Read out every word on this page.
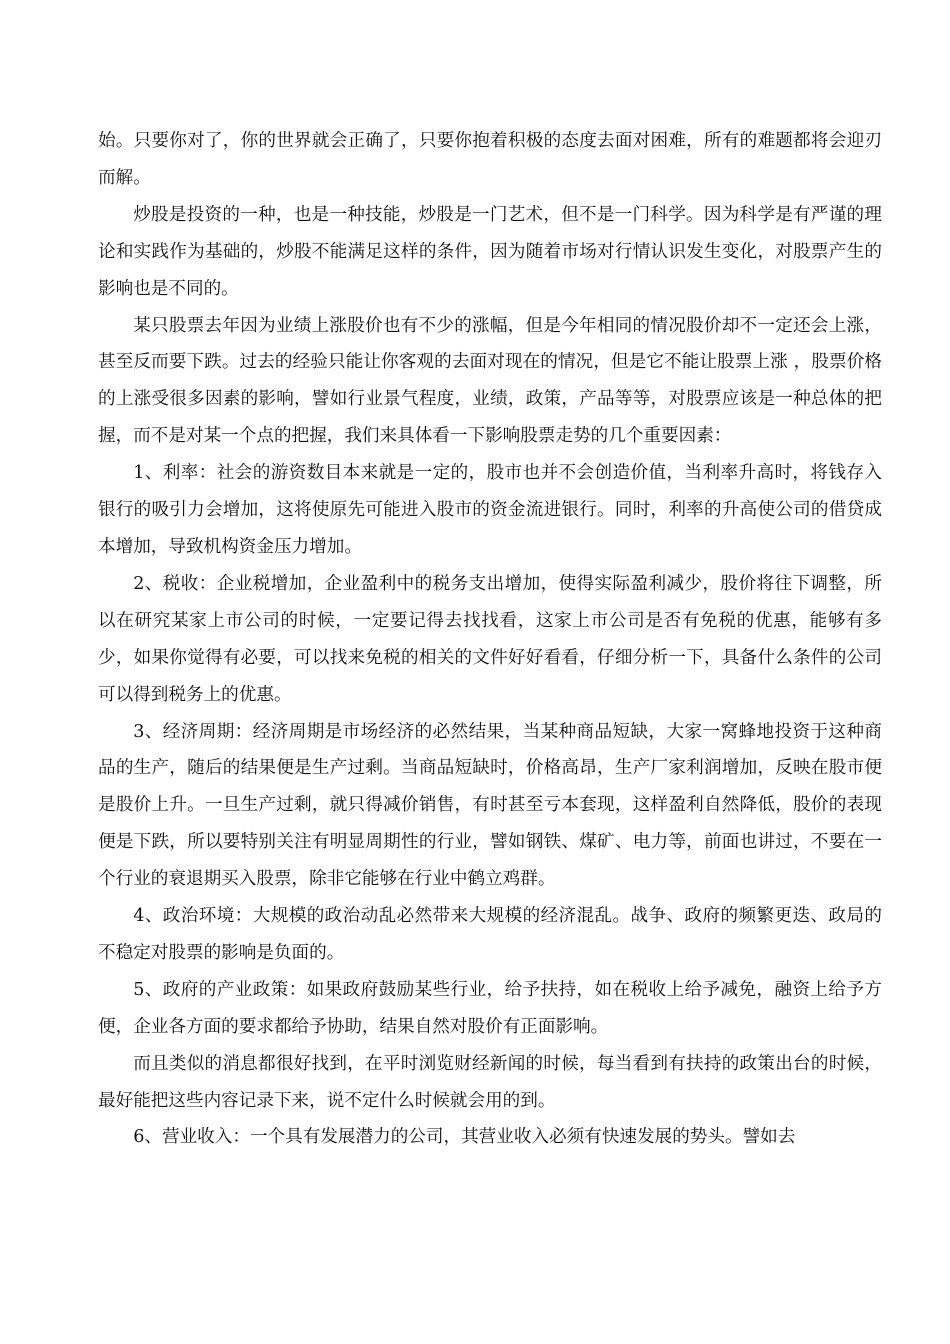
始。只要你对了，你的世界就会正确了，只要你抱着积极的态度去面对困难，所有的难题都将会迎刃而解。

炒股是投资的一种，也是一种技能，炒股是一门艺术，但不是一门科学。因为科学是有严谨的理论和实践作为基础的，炒股不能满足这样的条件，因为随着市场对行情认识发生变化，对股票产生的影响也是不同的。

某只股票去年因为业绩上涨股价也有不少的涨幅，但是今年相同的情况股价却不一定还会上涨，甚至反而要下跌。过去的经验只能让你客观的去面对现在的情况，但是它不能让股票上涨 ，股票价格的上涨受很多因素的影响，譬如行业景气程度，业绩，政策，产品等等，对股票应该是一种总体的把握，而不是对某一个点的把握，我们来具体看一下影响股票走势的几个重要因素：

1、利率：社会的游资数目本来就是一定的，股市也并不会创造价值，当利率升高时，将钱存入银行的吸引力会增加，这将使原先可能进入股市的资金流进银行。同时，利率的升高使公司的借贷成本增加，导致机构资金压力增加。

2、税收：企业税增加，企业盈利中的税务支出增加，使得实际盈利减少，股价将往下调整，所以在研究某家上市公司的时候，一定要记得去找找看，这家上市公司是否有免税的优惠，能够有多少，如果你觉得有必要，可以找来免税的相关的文件好好看看，仔细分析一下，具备什么条件的公司可以得到税务上的优惠。

3、经济周期：经济周期是市场经济的必然结果，当某种商品短缺，大家一窝蜂地投资于这种商品的生产，随后的结果便是生产过剩。当商品短缺时，价格高昂，生产厂家利润增加，反映在股市便是股价上升。一旦生产过剩，就只得减价销售，有时甚至亏本套现，这样盈利自然降低，股价的表现便是下跌，所以要特别关注有明显周期性的行业，譬如钢铁、煤矿、电力等，前面也讲过，不要在一个行业的衰退期买入股票，除非它能够在行业中鹤立鸡群。

4、政治环境：大规模的政治动乱必然带来大规模的经济混乱。战争、政府的频繁更迭、政局的不稳定对股票的影响是负面的。

5、政府的产业政策：如果政府鼓励某些行业，给予扶持，如在税收上给予减免，融资上给予方便，企业各方面的要求都给予协助，结果自然对股价有正面影响。

而且类似的消息都很好找到，在平时浏览财经新闻的时候，每当看到有扶持的政策出台的时候，最好能把这些内容记录下来，说不定什么时候就会用的到。

6、营业收入：一个具有发展潜力的公司，其营业收入必须有快速发展的势头。譬如去
